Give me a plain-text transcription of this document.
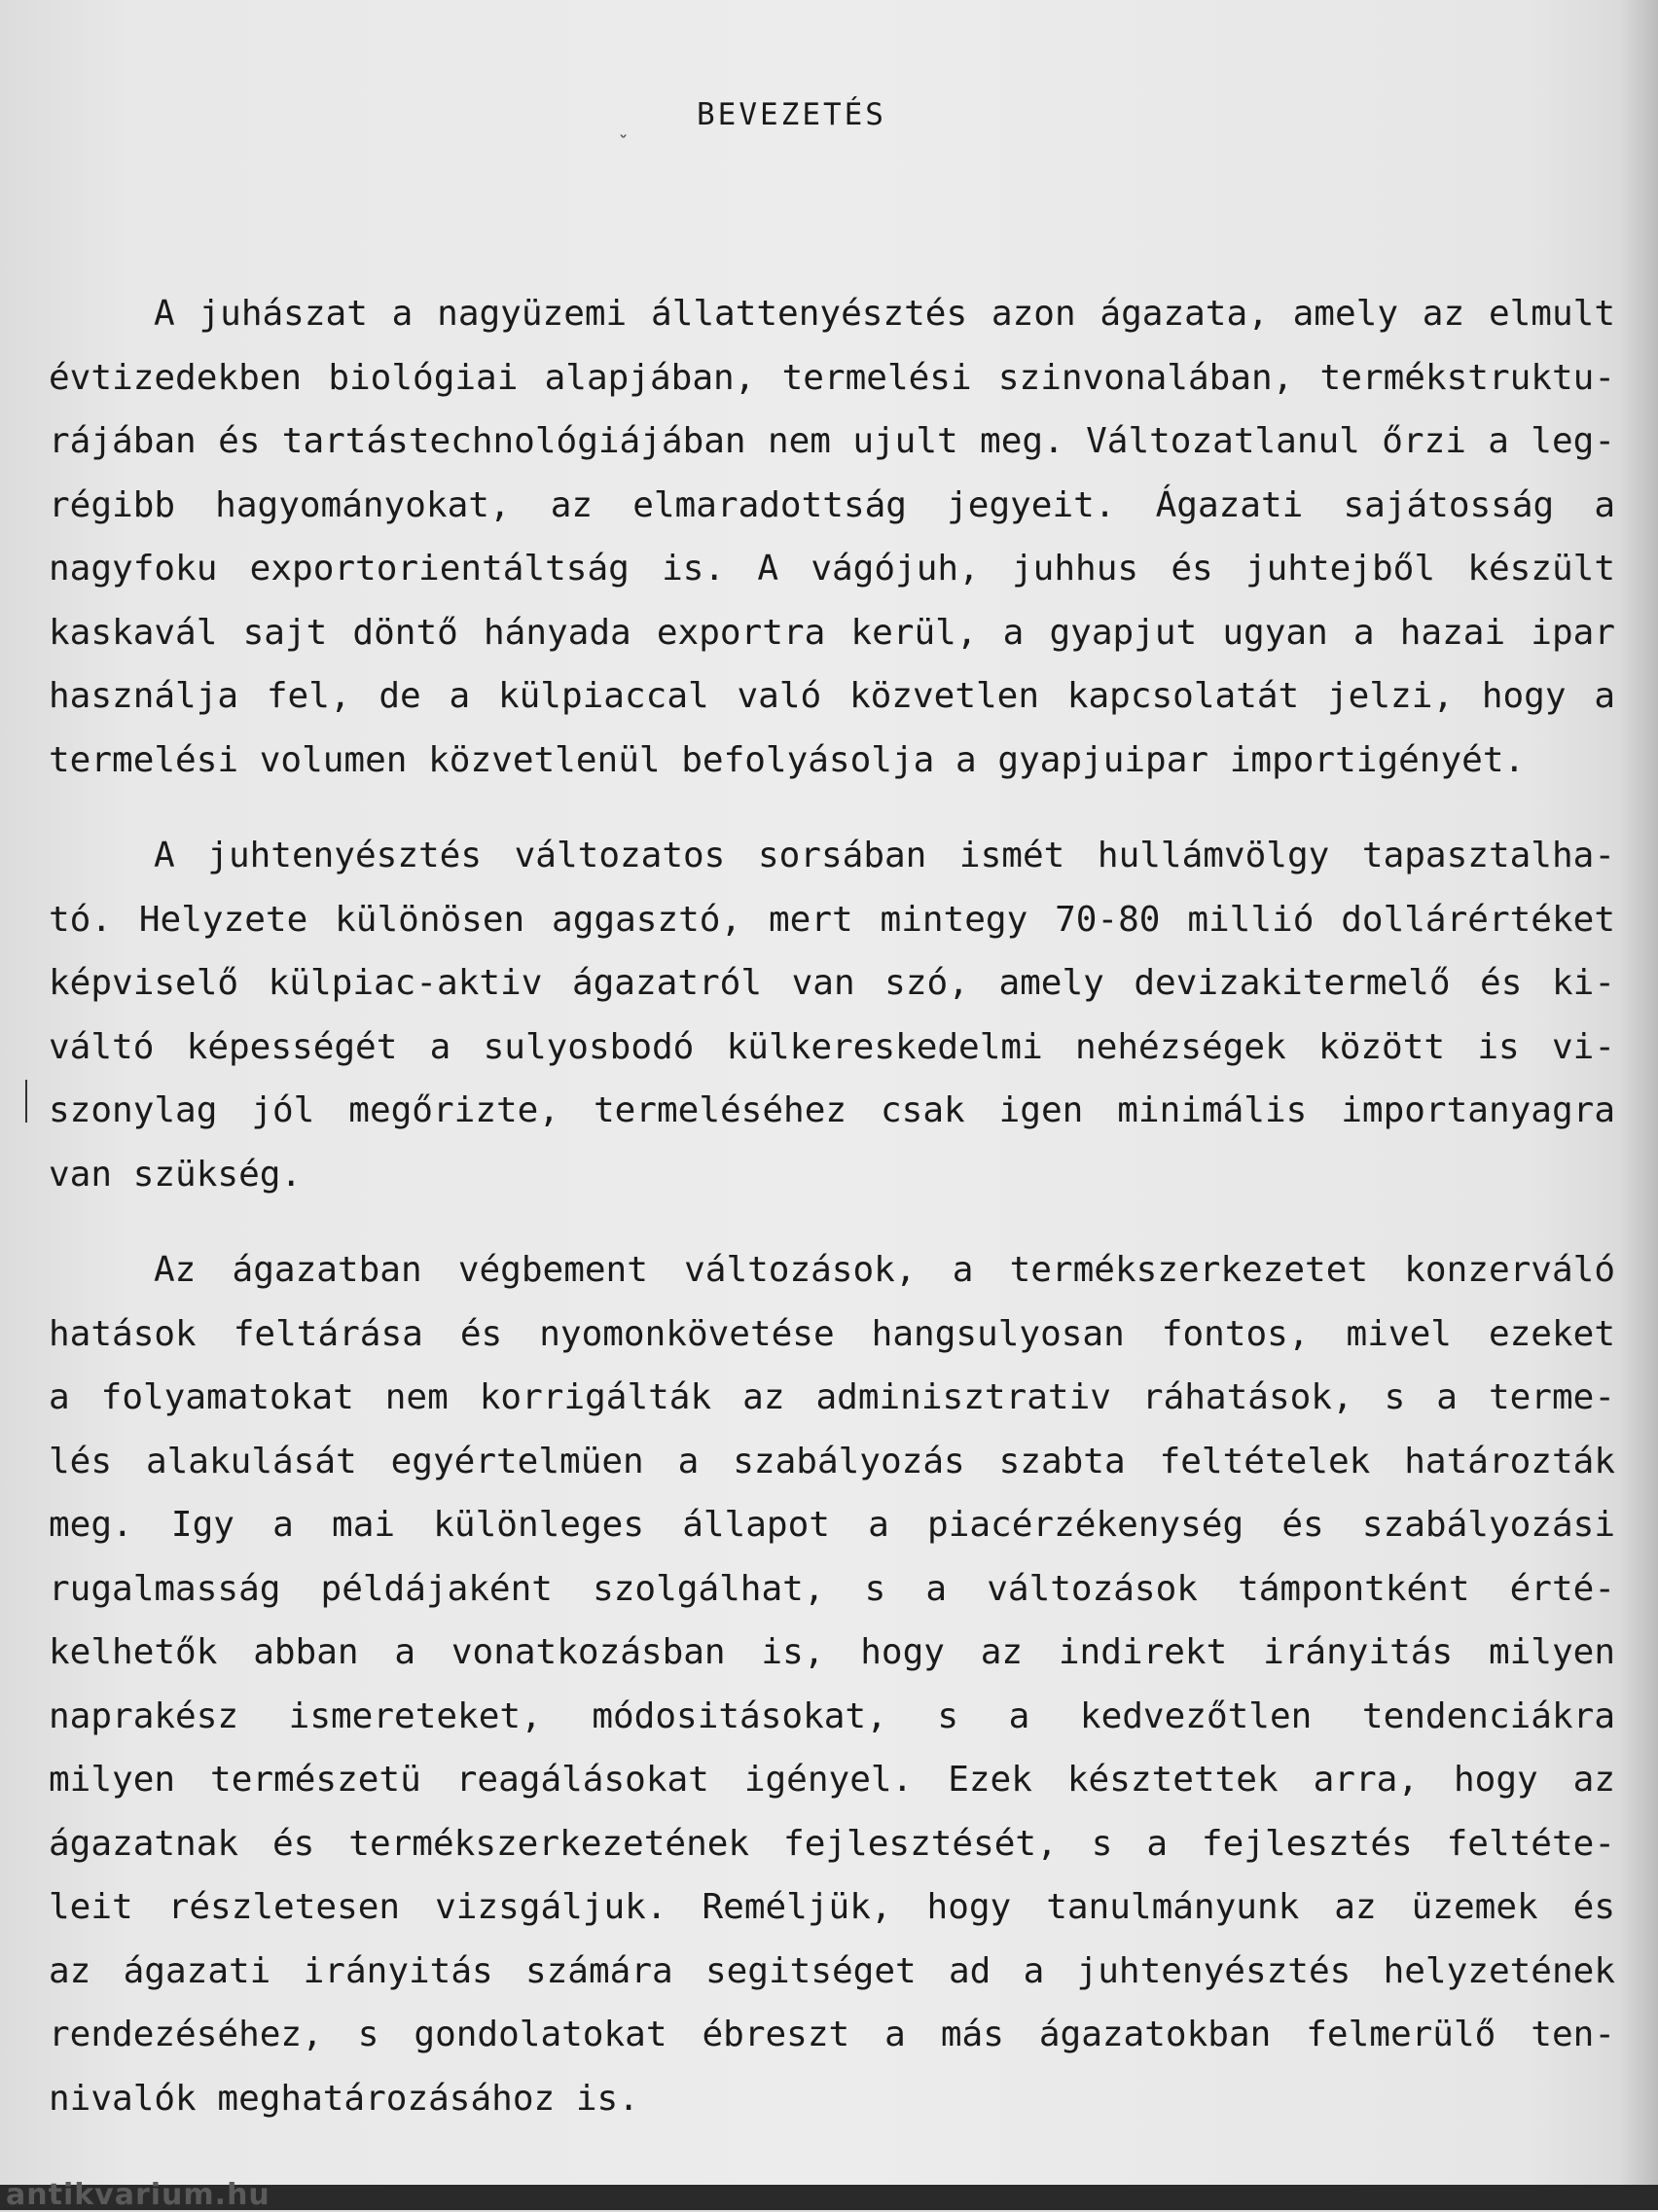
ˬ BEVEZETÉS
A juhászat a nagyüzemi állattenyésztés azon ágazata, amely az elmult
évtizedekben biológiai alapjában, termelési szinvonalában, termékstruktu-
rájában és tartástechnológiájában nem ujult meg. Változatlanul őrzi a leg-
régibb hagyományokat, az elmaradottság jegyeit. Ágazati sajátosság a
nagyfoku exportorientáltság is. A vágójuh, juhhus és juhtejből készült
kaskavál sajt döntő hányada exportra kerül, a gyapjut ugyan a hazai ipar
használja fel, de a külpiaccal való közvetlen kapcsolatát jelzi, hogy a
termelési volumen közvetlenül befolyásolja a gyapjuipar importigényét.
A juhtenyésztés változatos sorsában ismét hullámvölgy tapasztalha-
tó. Helyzete különösen aggasztó, mert mintegy 70-80 millió dollárértéket
képviselő külpiac-aktiv ágazatról van szó, amely devizakitermelő és ki-
váltó képességét a sulyosbodó külkereskedelmi nehézségek között is vi-
szonylag jól megőrizte, termeléséhez csak igen minimális importanyagra
van szükség.
Az ágazatban végbement változások, a termékszerkezetet konzerváló
hatások feltárása és nyomonkövetése hangsulyosan fontos, mivel ezeket
a folyamatokat nem korrigálták az adminisztrativ ráhatások, s a terme-
lés alakulását egyértelmüen a szabályozás szabta feltételek határozták
meg. Igy a mai különleges állapot a piacérzékenység és szabályozási
rugalmasság példájaként szolgálhat, s a változások támpontként érté-
kelhetők abban a vonatkozásban is, hogy az indirekt irányitás milyen
naprakész ismereteket, módositásokat, s a kedvezőtlen tendenciákra
milyen természetü reagálásokat igényel. Ezek késztettek arra, hogy az
ágazatnak és termékszerkezetének fejlesztését, s a fejlesztés feltéte-
leit részletesen vizsgáljuk. Reméljük, hogy tanulmányunk az üzemek és
az ágazati irányitás számára segitséget ad a juhtenyésztés helyzetének
rendezéséhez, s gondolatokat ébreszt a más ágazatokban felmerülő ten-
nivalók meghatározásához is.
antikvarium.hu
